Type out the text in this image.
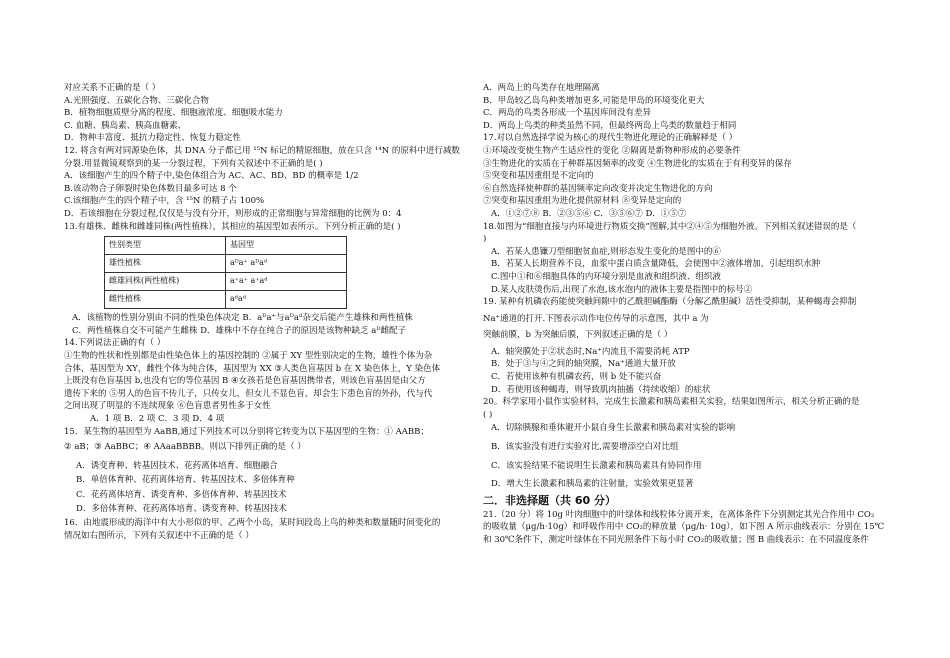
对应关系不正确的是（ ）
A.光照强度、五碳化合物、三碳化合物
B．植物细胞质壁分离的程度、细胞液浓度、细胞吸水能力
C. 血糖、胰岛素、胰高血糖素、
D．物种丰富度、抵抗力稳定性、恢复力稳定性
12. 将含有两对同源染色体，其 DNA 分子都已用 ¹⁵N 标记的精原细胞，放在只含 ¹⁴N 的原料中进行减数
分裂.用显微镜观察到的某一分裂过程，下列有关叙述中不正确的是( )
A．该细胞产生的四个精子中,染色体组合为 AC、AC、BD、BD 的概率是 1/2
B.该动物合子卵裂时染色体数目最多可达 8 个
C.该细胞产生的四个精子中，含 ¹⁵N 的精子占 100%
D．若该细胞在分裂过程,仅仅是与没有分开，则形成的正常细胞与异常细胞的比例为 0：4
13.有雄株、雌株和雌雄同株(两性植株），其相应的基因型如表所示。下列分析正确的是( )
性别类型	基因型
雄性植株	aᴰa⁺ aᴰaᵈ
雌雄同株(两性植株)	a⁺a⁺ a⁺aᵈ
雌性植株	aᵈaᵈ
A．该植物的性别分别由不同的性染色体决定 B．aᴰa⁺与aᴰaᵈ杂交后能产生雄株和两性植株
C．两性植株自交不可能产生雌株 D．雄株中不存在纯合子的原因是该物种缺乏 aᴰ雌配子
14.下列说法正确的有（ ）
①生物的性状和性别都是由性染色体上的基因控制的 ②属于 XY 型性别决定的生物，雄性个体为杂
合体，基因型为 XY，雌性个体为纯合体，基因型为 XX ③人类色盲基因 b 在 X 染色体上，Y 染色体
上既没有色盲基因 b,也没有它的等位基因 B ④女孩若是色盲基因携带者，则该色盲基因是由父方
遗传下来的 ⑤男人的色盲不传儿子，只传女儿，但女儿不显色盲，却会生下患色盲的外孙，代与代
之间出现了明显的不连续现象 ⑥色盲患者男性多于女性
A．1 项 B．2 项 C．3 项 D．4 项
15．某生物的基因型为 AaBB,通过下列技术可以分别将它转变为以下基因型的生物：① AABB；
② aB；③ AaBBC；④ AAaaBBBB。则以下排列正确的是（ ）
A．诱变育种、转基因技术、花药离体培育、细胞融合
B．单倍体育种、花药离体培育、转基因技术、多倍体育种
C．花药离体培育、诱变育种、多倍体育种、转基因技术
D．多倍体育种、花药离体培育、诱变育种、转基因技术
16．由地震形成的海洋中有大小形似的甲、乙两个小岛，某时间段岛上鸟的种类和数量随时间变化的
情况如右图所示，下列有关叙述中不正确的是（ ）
A．两岛上的鸟类存在地理隔离
B．甲岛较乙岛鸟种类增加更多,可能是甲岛的环境变化更大
C．两岛的鸟类各形成一个基因库间没有差异
D．两岛上鸟类的种类虽然不同，但最终两岛上鸟类的数量趋于相同
17.对以自然选择学说为核心的现代生物进化理论的正确解释是（ ）
①环境改变使生物产生适应性的变化 ②隔离是新物种形成的必要条件
③生物进化的实质在于种群基因频率的改变 ④生物进化的实质在于有利变异的保存
⑤突变和基因重组是不定向的
⑥自然选择使种群的基因频率定向改变并决定生物进化的方向
⑦突变和基因重组为进化提供原材料 ⑧变异是定向的
A．①②⑦⑧ B．②③⑤⑥ C．③⑤⑥⑦ D．①⑤⑦
18.如图为“细胞直接与内环境进行物质交换”图解,其中②④⑤为细胞外液。下列相关叙述错误的是（
)
A．若某人患镰刀型细胞贫血症,则形态发生变化的是图中的⑥
B．若某人长期营养不良，血浆中蛋白质含量降低，会使图中②液体增加，引起组织水肿
C.图中①和⑥细胞具体的内环境分别是血液和组织液、组织液
D.某人皮肤烫伤后,出现了水泡,该水泡内的液体主要是指图中的标号②
19. 某种有机磷农药能使突触间隙中的乙酰胆碱酯酶（分解乙酰胆碱）活性受抑制，某种蝎毒会抑制
Na⁺通道的打开.下图表示动作电位传导的示意图，其中 a 为
突触前膜，b 为突触后膜，下列叙述正确的是（ ）
A．轴突膜处于②状态时,Na⁺内流且不需要消耗 ATP
B．处于③与④之间的轴突膜，Na⁺通道大量开放
C．若使用该种有机磷农药，则 b 处不能兴奋
D．若使用该种蝎毒，则导致肌肉抽搐（持续收缩）的症状
20。科学家用小鼠作实验材料，完成生长激素和胰岛素相关实验，结果如图所示，相关分析正确的是
( )
A．切除胰腺和垂体避开小鼠自身生长激素和胰岛素对实验的影响
B．该实验没有进行实验对比,需要增添空白对比组
C．该实验结果不能说明生长激素和胰岛素具有协同作用
D．增大生长激素和胰岛素的注射量，实验效果更显著
二．非选择题（共 60 分）
21.（20 分）将 10g 叶肉细胞中的叶绿体和线粒体分离开来，在离体条件下分别测定其光合作用中 CO₂
的吸收量（μg/h·10g）和呼吸作用中 CO₂的释放量（μg/h· 10g），如下图 A 所示曲线表示：分别在 15℃
和 30℃条件下，测定叶绿体在不同光照条件下每小时 CO₂的吸收量；图 B 曲线表示：在不同温度条件
